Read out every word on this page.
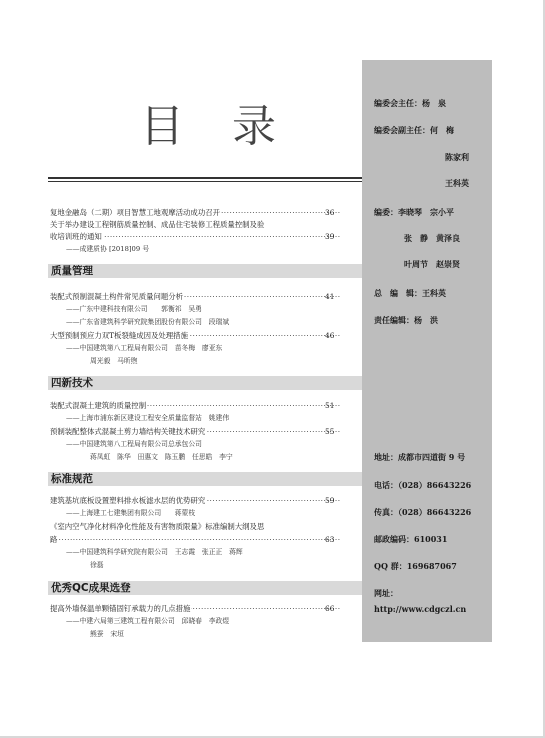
目 录
复地金融岛（二期）项目智慧工地观摩活动成功召开 ·····	36
关于举办建设工程钢筋质量控制、成品住宅装修工程质量控制及验
收培训班的通知 ·····	39
——成建质协 [2018]09 号
质量管理
装配式预制混凝土构件常见质量问题分析 ·····	41
——广东中建科技有限公司　　郭衡祁　吴勇
——广东省建筑科学研究院集团股份有限公司　段瑞斌
大型预制预应力双T板裂缝成因及处理措施 ·····	46
——中国建筑第八工程局有限公司　苗冬梅　廖亚东
周光毅　马昕煦
四新技术
装配式混凝土建筑的质量控制 ·····	51
——上海市浦东新区建设工程安全质量监督站　姚建伟
预制装配整体式混凝土剪力墙结构关键技术研究 ·····	55
——中国建筑第八工程局有限公司总承包公司
蒋凤虹　陈华　田惠文　陈玉鹏　任思皓　李宁
标准规范
建筑基坑底板设置塑料排水板滤水层的优势研究 ·····	59
——上海建工七建集团有限公司　　蒋蒙枝
《室内空气净化材料净化性能及有害物质限量》标准编制大纲及思
路 ·····	63
——中国建筑科学研究院有限公司　王志霞　张正正　蒋辉
徐磊
优秀QC成果选登
提高外墙保温单颗锚固钉承载力的几点措施 ·····	66
——中建六局第三建筑工程有限公司　邱晓春　李政煜
熊蚕　宋垣
编委会主任：杨　泉
编委会副主任：何　梅
陈家利
王科英
编委：李晓琴　宗小平
张　静　黄泽良
叶周节　赵崇贤
总　编　辑：王科英
责任编辑：杨　洪
地址：成都市四道街 9 号
电话：（028）86643226
传真：（028）86643226
邮政编码：610031
QQ 群：169687067
网址：
http://www.cdgczl.cn
